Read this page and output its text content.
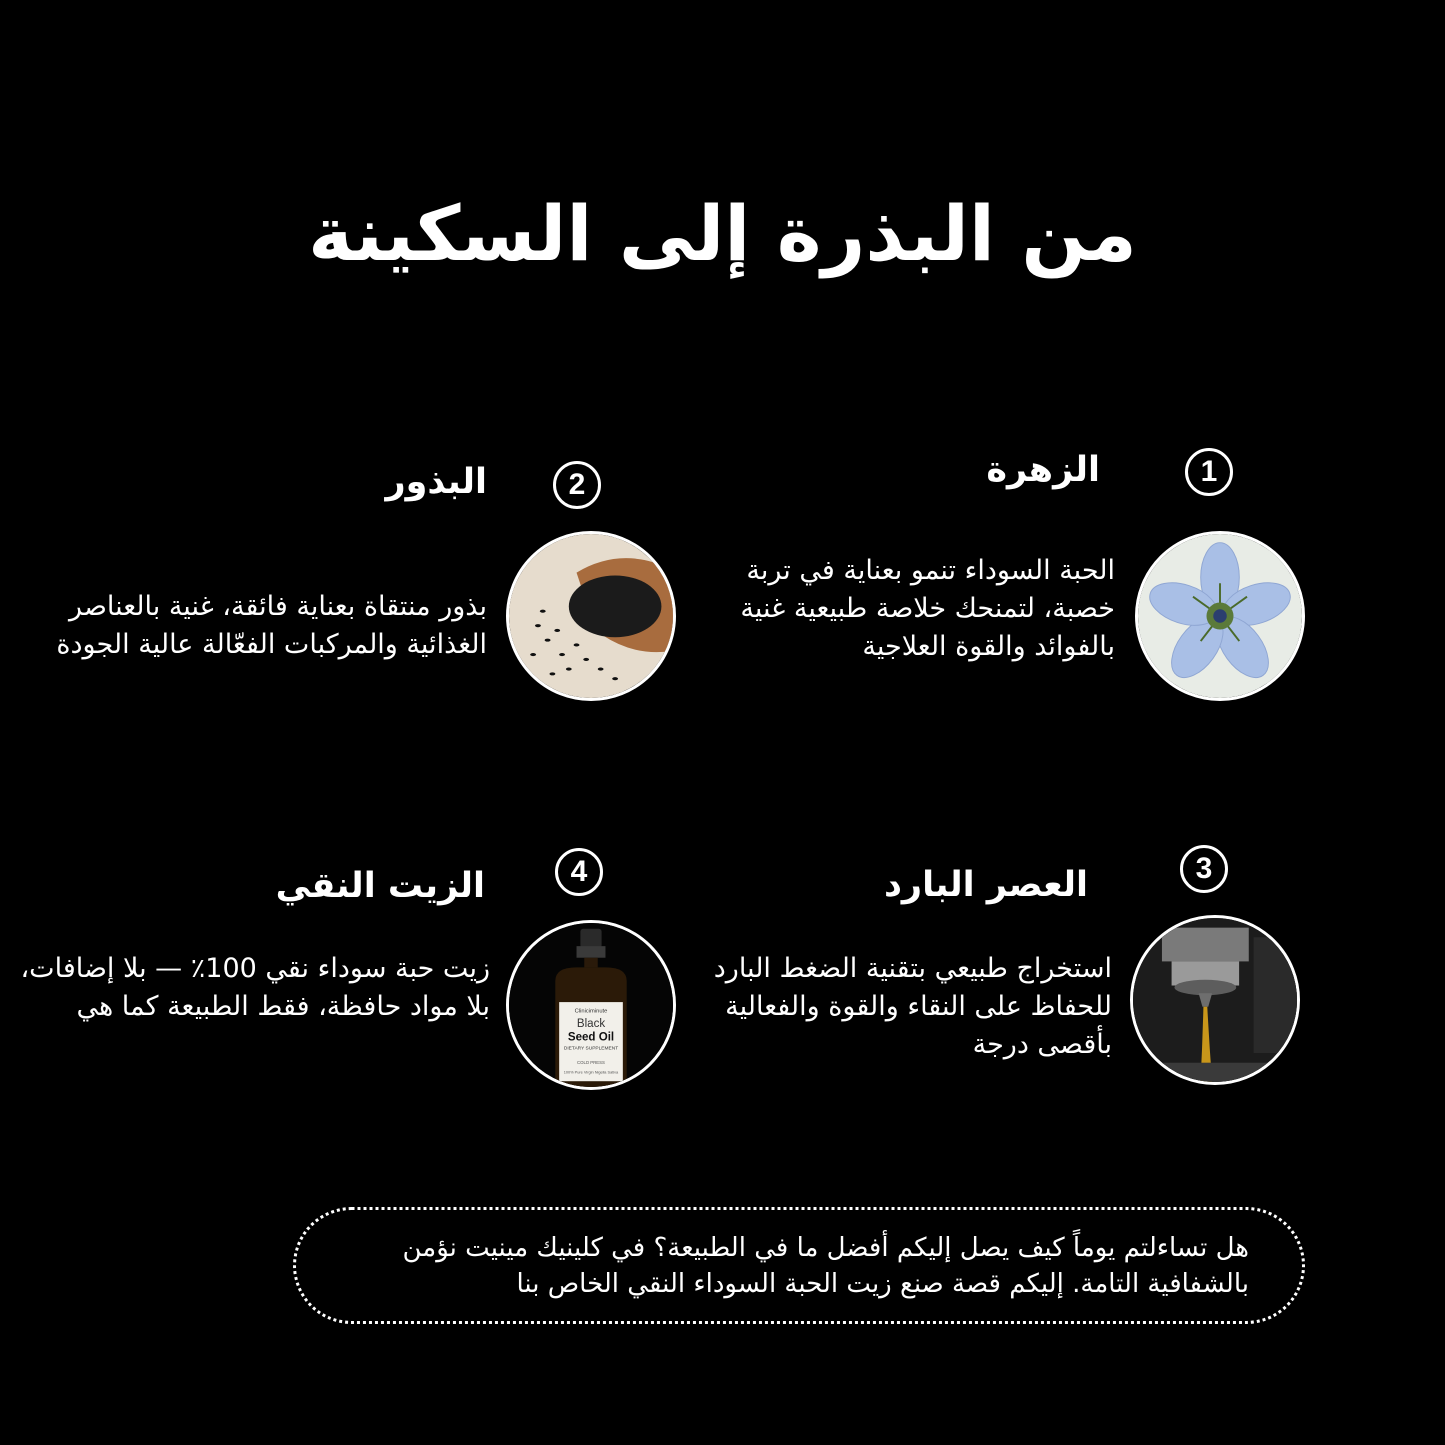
من البذرة إلى السكينة
1
الزهرة

الحبة السوداء تنمو بعناية في تربة خصبة، لتمنحك خلاصة طبيعية غنية بالفوائد والقوة العلاجية

2
البذور

بذور منتقاة بعناية فائقة، غنية بالعناصر الغذائية والمركبات الفعّالة عالية الجودة

3
العصر البارد

استخراج طبيعي بتقنية الضغط البارد للحفاظ على النقاء والقوة والفعالية بأقصى درجة

4
الزيت النقي

زيت حبة سوداء نقي 100٪ — بلا إضافات، بلا مواد حافظة، فقط الطبيعة كما هي	Cliniciminute
Black
Seed Oil
DIETARY SUPPLEMENT
COLD PRESS
100% Pure Virgin Nigella Sativa

هل تساءلتم يوماً كيف يصل إليكم أفضل ما في الطبيعة؟ في كلينيك مينيت نؤمن بالشفافية التامة. إليكم قصة صنع زيت الحبة السوداء النقي الخاص بنا
